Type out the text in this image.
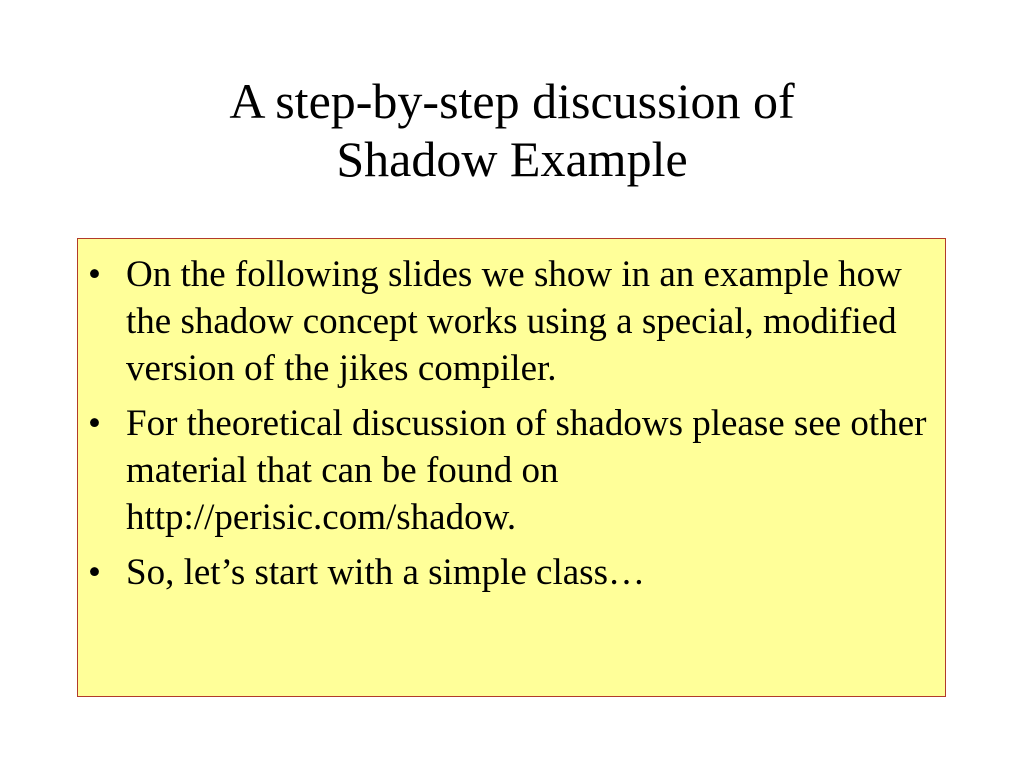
A step-by-step discussion of
Shadow Example
• On the following slides we show in an example how the shadow concept works using a special, modified version of the jikes compiler.
• For theoretical discussion of shadows please see other material that can be found on http://perisic.com/shadow.
• So, let’s start with a simple class…
